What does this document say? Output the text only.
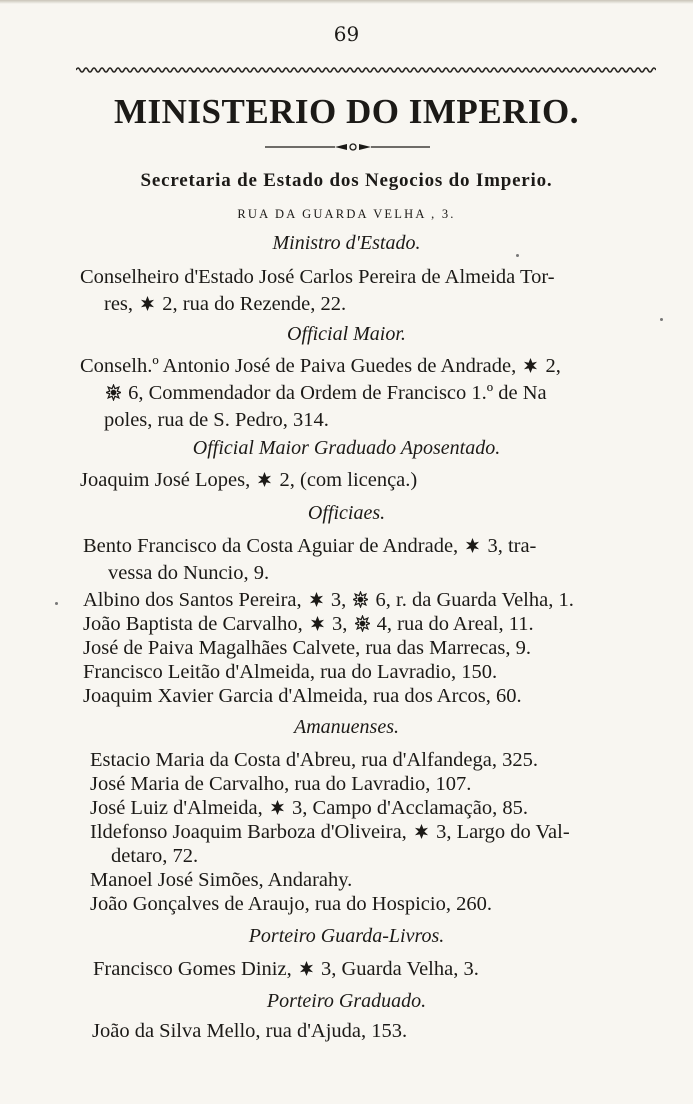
69
MINISTERIO DO IMPERIO.
Secretaria de Estado dos Negocios do Imperio.
RUA DA GUARDA VELHA , 3.
Ministro d'Estado.
Conselheiro d'Estado José Carlos Pereira de Almeida Tor-
res, 2, rua do Rezende, 22.
Official Maior.
Conselh.º Antonio José de Paiva Guedes de Andrade, 2,
6, Commendador da Ordem de Francisco 1.º de Na
poles, rua de S. Pedro, 314.
Official Maior Graduado Aposentado.
Joaquim José Lopes, 2, (com licença.)
Officiaes.
Bento Francisco da Costa Aguiar de Andrade, 3, tra-
vessa do Nuncio, 9.
Albino dos Santos Pereira, 3, 6, r. da Guarda Velha, 1.
João Baptista de Carvalho, 3, 4, rua do Areal, 11.
José de Paiva Magalhães Calvete, rua das Marrecas, 9.
Francisco Leitão d'Almeida, rua do Lavradio, 150.
Joaquim Xavier Garcia d'Almeida, rua dos Arcos, 60.
Amanuenses.
Estacio Maria da Costa d'Abreu, rua d'Alfandega, 325.
José Maria de Carvalho, rua do Lavradio, 107.
José Luiz d'Almeida, 3, Campo d'Acclamação, 85.
Ildefonso Joaquim Barboza d'Oliveira, 3, Largo do Val-
detaro, 72.
Manoel José Simões, Andarahy.
João Gonçalves de Araujo, rua do Hospicio, 260.
Porteiro Guarda-Livros.
Francisco Gomes Diniz, 3, Guarda Velha, 3.
Porteiro Graduado.
João da Silva Mello, rua d'Ajuda, 153.
